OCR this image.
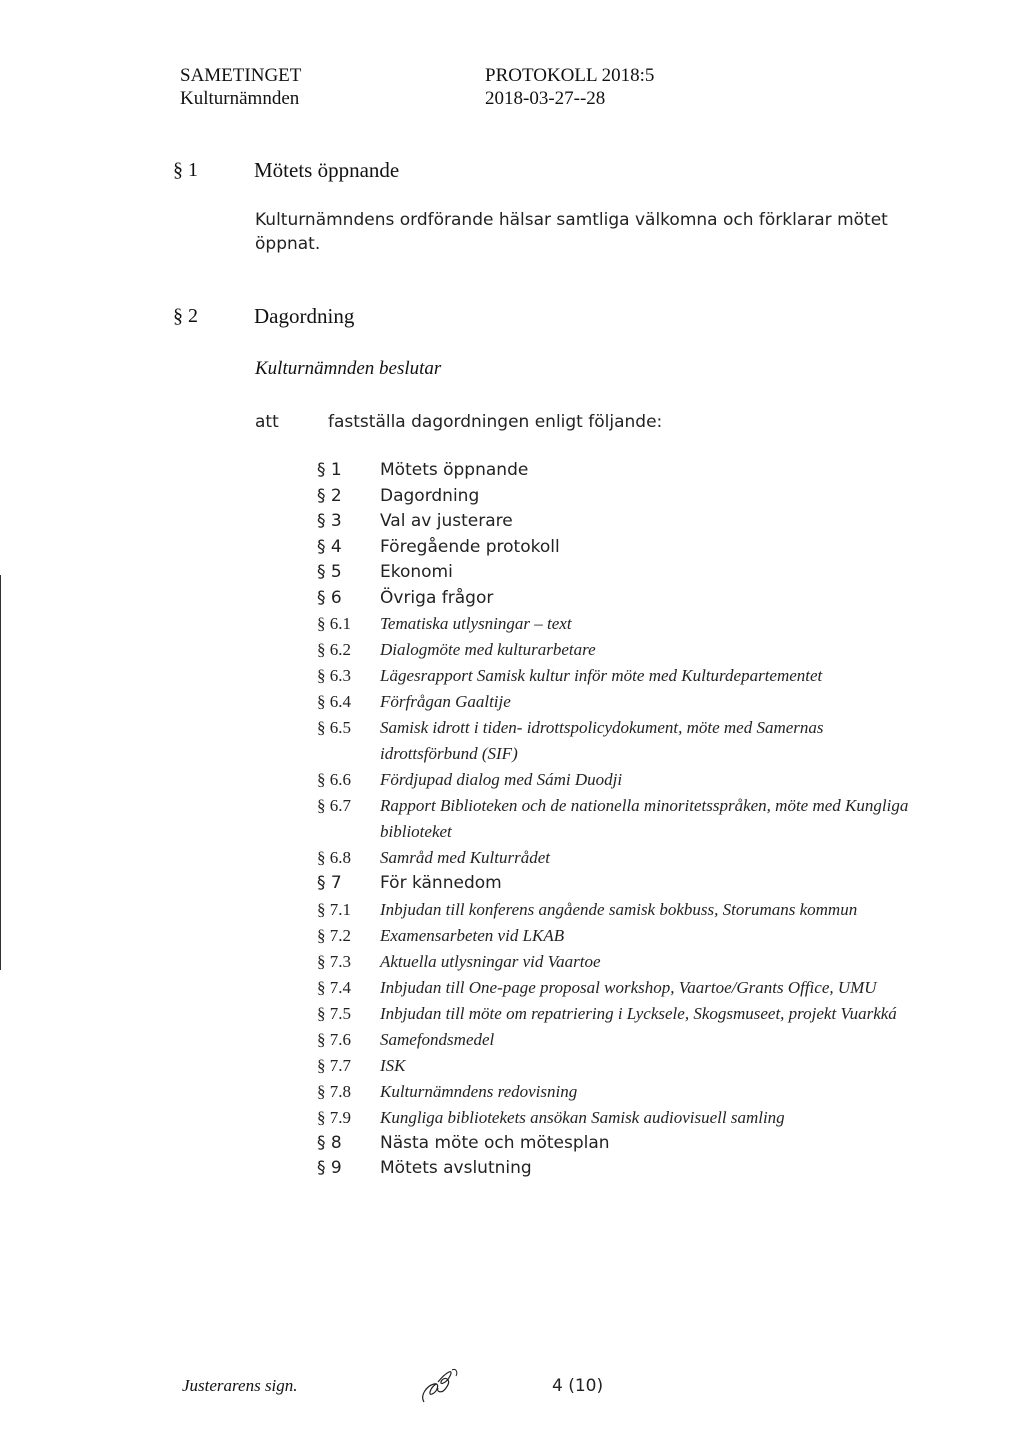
SAMETINGET
Kulturnämnden
PROTOKOLL 2018:5
2018-03-27--28
§ 1	Mötets öppnande
Kulturnämndens ordförande hälsar samtliga välkomna och förklarar mötet
öppnat.
§ 2	Dagordning
Kulturnämnden beslutar
att	fastställa dagordningen enligt följande:
§ 1 Mötets öppnande
§ 2 Dagordning
§ 3 Val av justerare
§ 4 Föregående protokoll
§ 5 Ekonomi
§ 6 Övriga frågor
§ 6.1 Tematiska utlysningar – text
§ 6.2 Dialogmöte med kulturarbetare
§ 6.3 Lägesrapport Samisk kultur inför möte med Kulturdepartementet
§ 6.4 Förfrågan Gaaltije
§ 6.5 Samisk idrott i tiden- idrottspolicydokument, möte med Samernas idrottsförbund (SIF)
§ 6.6 Fördjupad dialog med Sámi Duodji
§ 6.7 Rapport Biblioteken och de nationella minoritetsspråken, möte med Kungliga biblioteket
§ 6.8 Samråd med Kulturrådet
§ 7 För kännedom
§ 7.1 Inbjudan till konferens angående samisk bokbuss, Storumans kommun
§ 7.2 Examensarbeten vid LKAB
§ 7.3 Aktuella utlysningar vid Vaartoe
§ 7.4 Inbjudan till One-page proposal workshop, Vaartoe/Grants Office, UMU
§ 7.5 Inbjudan till möte om repatriering i Lycksele, Skogsmuseet, projekt Vuarkká
§ 7.6 Samefondsmedel
§ 7.7 ISK
§ 7.8 Kulturnämndens redovisning
§ 7.9 Kungliga bibliotekets ansökan Samisk audiovisuell samling
§ 8 Nästa möte och mötesplan
§ 9 Mötets avslutning
Justerarens sign.	4 (10)
